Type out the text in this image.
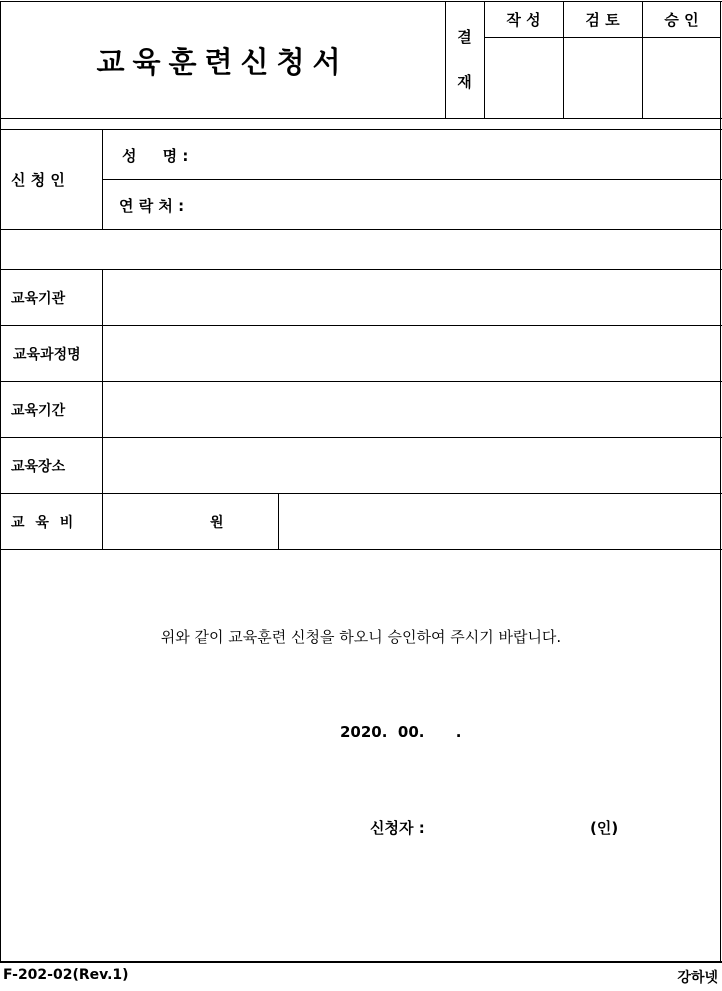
교육훈련신청서
결
재
작 성	검 토	승 인
신 청 인
성     명 :
연 락 처 :
교육기관
교육과정명
교육기간
교육장소
교 육 비	원
위와 같이 교육훈련 신청을 하오니 승인하여 주시기 바랍니다.
2020.  00.      .
신청자 :	(인)
F-202-02(Rev.1)	강하넷
